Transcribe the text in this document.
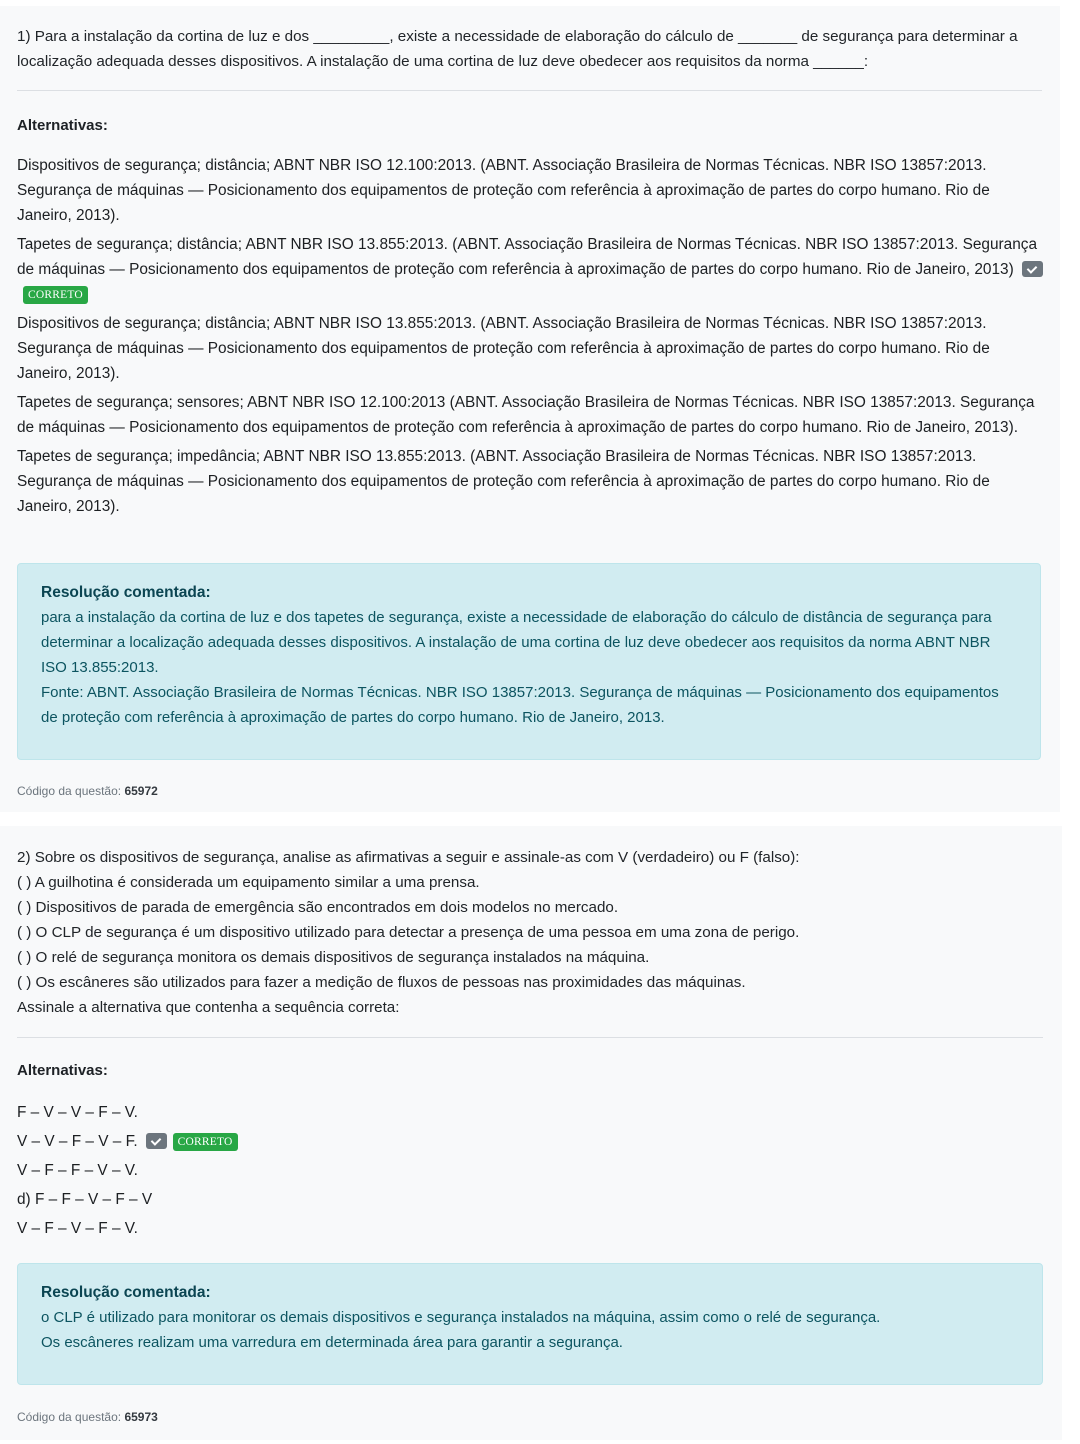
1) Para a instalação da cortina de luz e dos _________, existe a necessidade de elaboração do cálculo de _______ de segurança para determinar a localização adequada desses dispositivos. A instalação de uma cortina de luz deve obedecer aos requisitos da norma ______:
Alternativas:
Dispositivos de segurança; distância; ABNT NBR ISO 12.100:2013. (ABNT. Associação Brasileira de Normas Técnicas. NBR ISO 13857:2013. Segurança de máquinas — Posicionamento dos equipamentos de proteção com referência à aproximação de partes do corpo humano. Rio de Janeiro, 2013).
Tapetes de segurança; distância; ABNT NBR ISO 13.855:2013. (ABNT. Associação Brasileira de Normas Técnicas. NBR ISO 13857:2013. Segurança de máquinas — Posicionamento dos equipamentos de proteção com referência à aproximação de partes do corpo humano. Rio de Janeiro, 2013)CORRETO
Dispositivos de segurança; distância; ABNT NBR ISO 13.855:2013. (ABNT. Associação Brasileira de Normas Técnicas. NBR ISO 13857:2013. Segurança de máquinas — Posicionamento dos equipamentos de proteção com referência à aproximação de partes do corpo humano. Rio de Janeiro, 2013).
Tapetes de segurança; sensores; ABNT NBR ISO 12.100:2013 (ABNT. Associação Brasileira de Normas Técnicas. NBR ISO 13857:2013. Segurança de máquinas — Posicionamento dos equipamentos de proteção com referência à aproximação de partes do corpo humano. Rio de Janeiro, 2013).
Tapetes de segurança; impedância; ABNT NBR ISO 13.855:2013. (ABNT. Associação Brasileira de Normas Técnicas. NBR ISO 13857:2013. Segurança de máquinas — Posicionamento dos equipamentos de proteção com referência à aproximação de partes do corpo humano. Rio de Janeiro, 2013).
Resolução comentada:
para a instalação da cortina de luz e dos tapetes de segurança, existe a necessidade de elaboração do cálculo de distância de segurança para determinar a localização adequada desses dispositivos. A instalação de uma cortina de luz deve obedecer aos requisitos da norma ABNT NBR ISO 13.855:2013.
Fonte: ABNT. Associação Brasileira de Normas Técnicas. NBR ISO 13857:2013. Segurança de máquinas — Posicionamento dos equipamentos de proteção com referência à aproximação de partes do corpo humano. Rio de Janeiro, 2013.
Código da questão: 65972
2) Sobre os dispositivos de segurança, analise as afirmativas a seguir e assinale-as com V (verdadeiro) ou F (falso):
( ) A guilhotina é considerada um equipamento similar a uma prensa.
( ) Dispositivos de parada de emergência são encontrados em dois modelos no mercado.
( ) O CLP de segurança é um dispositivo utilizado para detectar a presença de uma pessoa em uma zona de perigo.
( ) O relé de segurança monitora os demais dispositivos de segurança instalados na máquina.
( ) Os escâneres são utilizados para fazer a medição de fluxos de pessoas nas proximidades das máquinas.
Assinale a alternativa que contenha a sequência correta:
Alternativas:
F – V – V – F – V.
V – V – F – V – F.	CORRETO
V – F – F – V – V.
d) F – F – V – F – V
V – F – V – F – V.
Resolução comentada:
o CLP é utilizado para monitorar os demais dispositivos e segurança instalados na máquina, assim como o relé de segurança.
Os escâneres realizam uma varredura em determinada área para garantir a segurança.
Código da questão: 65973
